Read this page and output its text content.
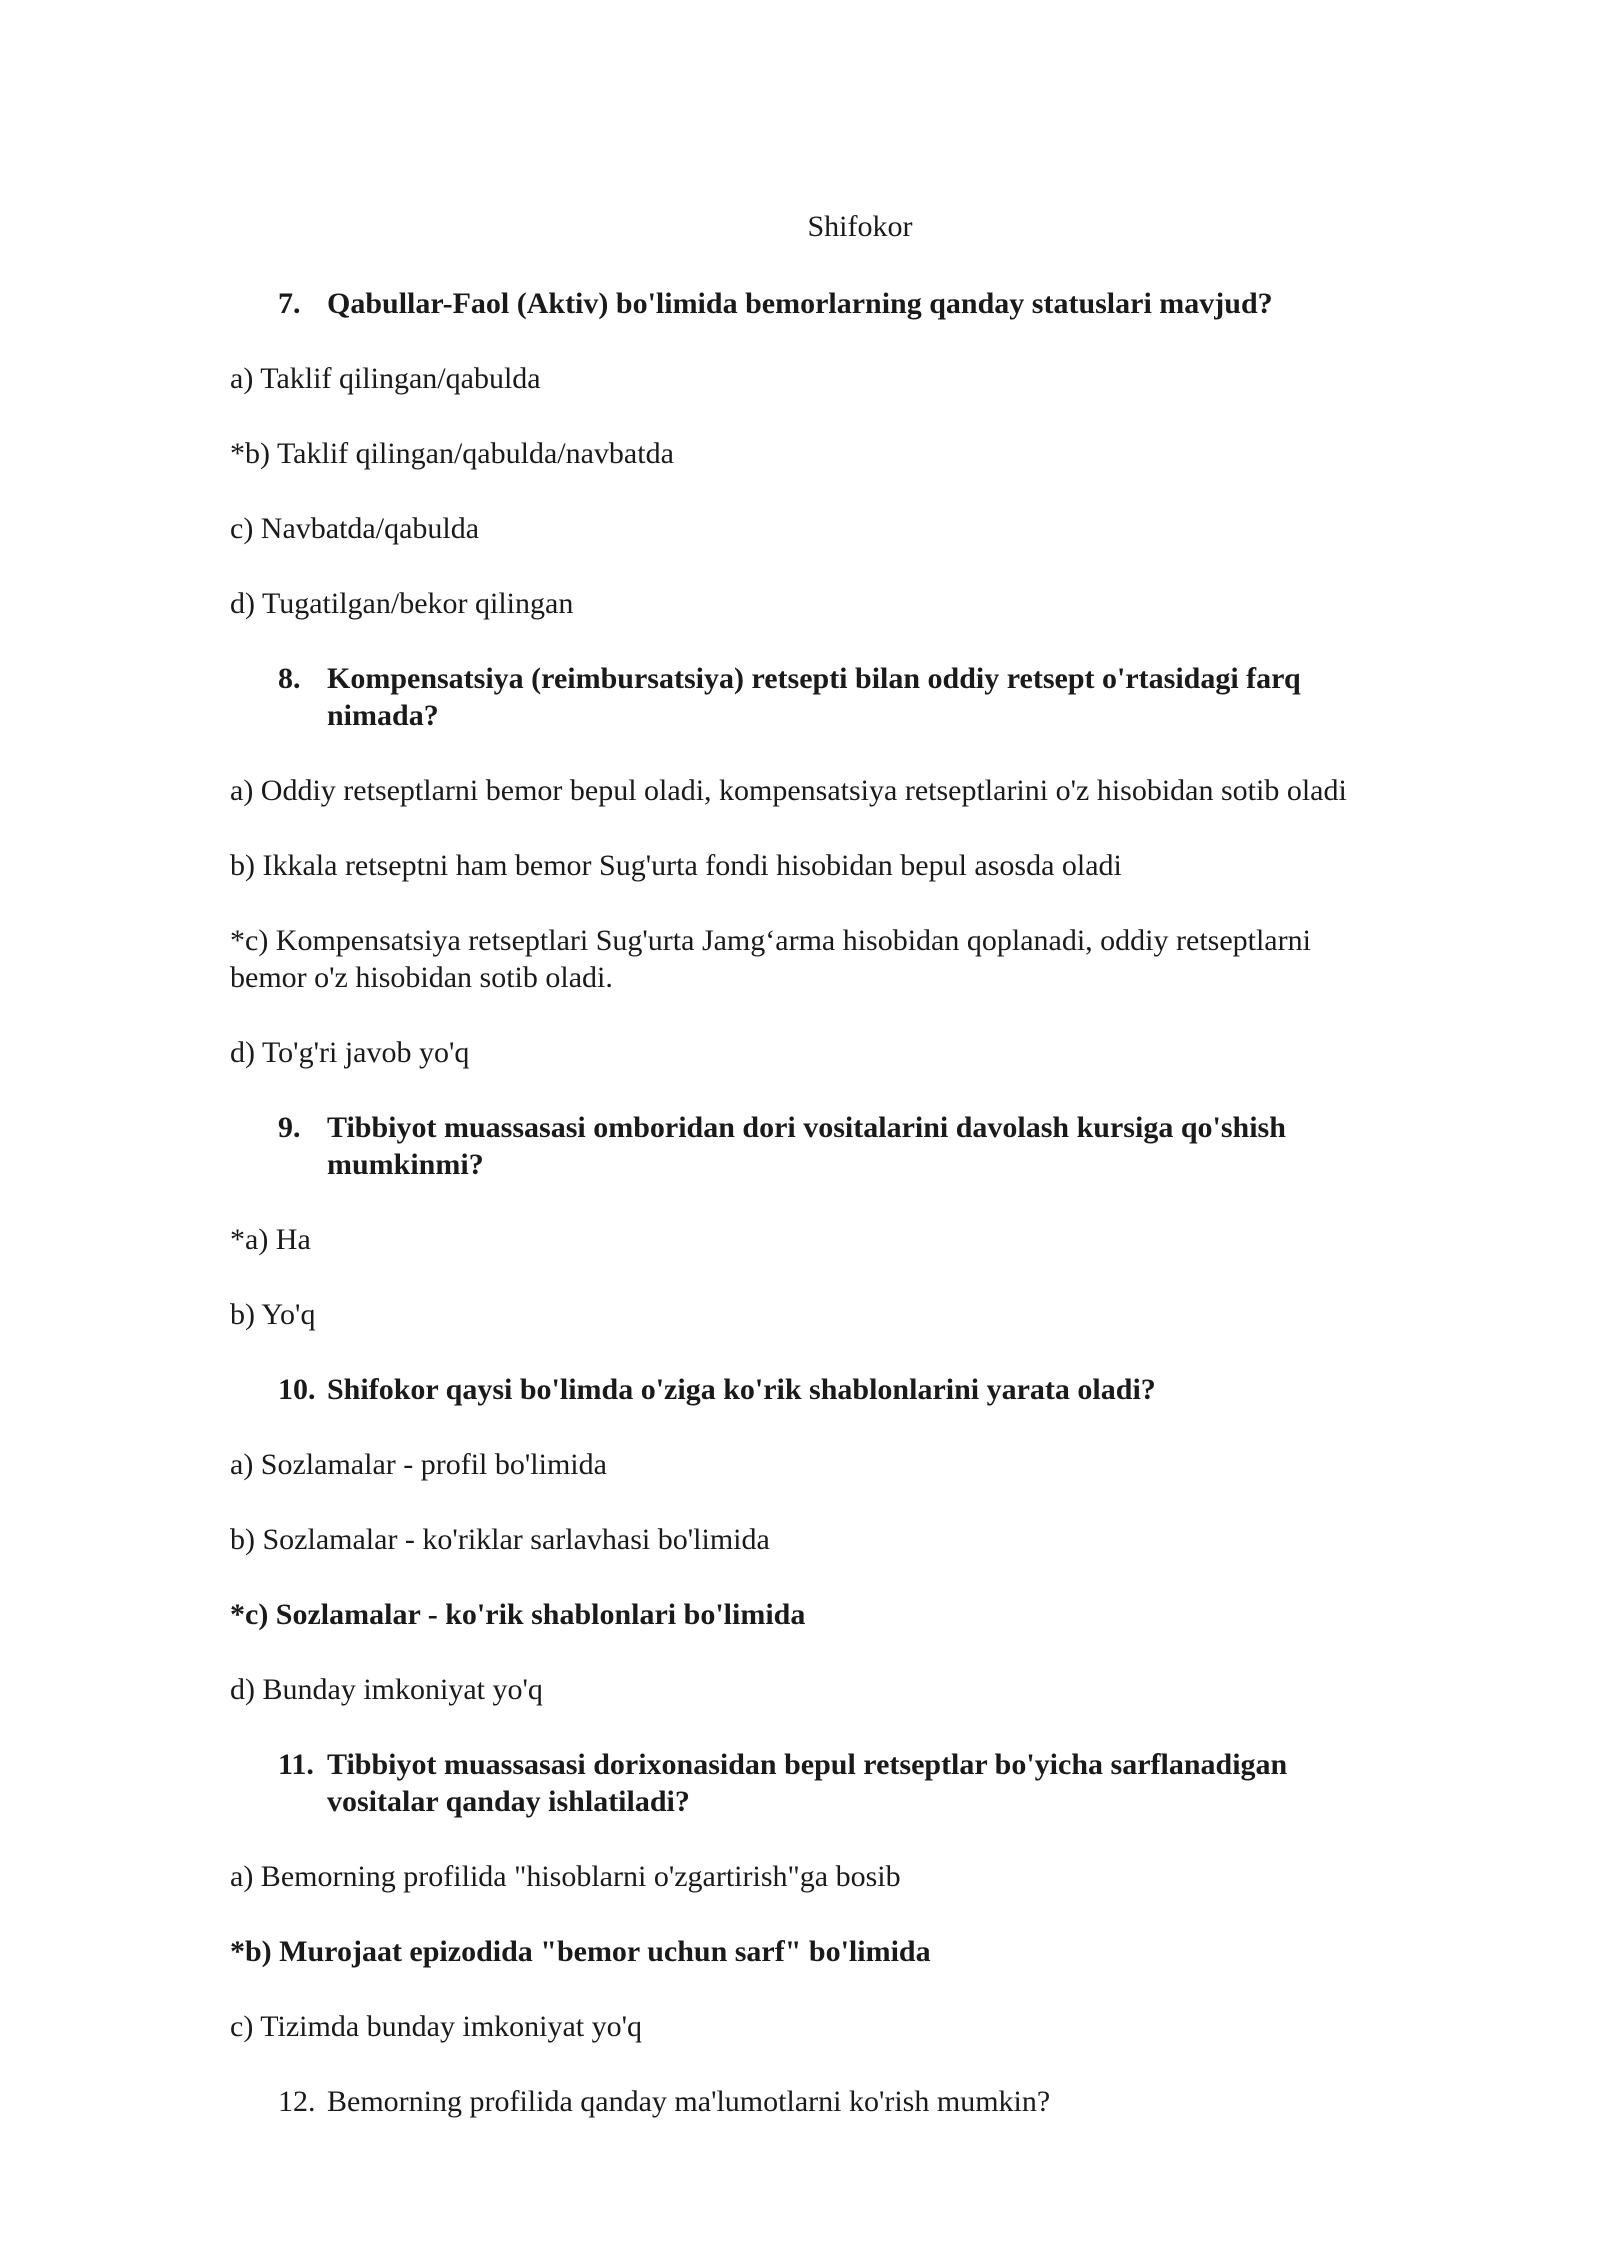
Shifokor
7. Qabullar-Faol (Aktiv) bo'limida bemorlarning qanday statuslari mavjud?
a) Taklif qilingan/qabulda
*b) Taklif qilingan/qabulda/navbatda
c) Navbatda/qabulda
d) Tugatilgan/bekor qilingan
8. Kompensatsiya (reimbursatsiya) retsepti bilan oddiy retsept o'rtasidagi farq
nimada?
a) Oddiy retseptlarni bemor bepul oladi, kompensatsiya retseptlarini o'z hisobidan sotib oladi
b) Ikkala retseptni ham bemor Sug'urta fondi hisobidan bepul asosda oladi
*c) Kompensatsiya retseptlari Sug'urta Jamg‘arma hisobidan qoplanadi, oddiy retseptlarni
bemor o'z hisobidan sotib oladi.
d) To'g'ri javob yo'q
9. Tibbiyot muassasasi omboridan dori vositalarini davolash kursiga qo'shish
mumkinmi?
*a) Ha
b) Yo'q
10. Shifokor qaysi bo'limda o'ziga ko'rik shablonlarini yarata oladi?
a) Sozlamalar - profil bo'limida
b) Sozlamalar - ko'riklar sarlavhasi bo'limida
*c) Sozlamalar - ko'rik shablonlari bo'limida
d) Bunday imkoniyat yo'q
11. Tibbiyot muassasasi dorixonasidan bepul retseptlar bo'yicha sarflanadigan
vositalar qanday ishlatiladi?
a) Bemorning profilida "hisoblarni o'zgartirish"ga bosib
*b) Murojaat epizodida "bemor uchun sarf" bo'limida
c) Tizimda bunday imkoniyat yo'q
12. Bemorning profilida qanday ma'lumotlarni ko'rish mumkin?
